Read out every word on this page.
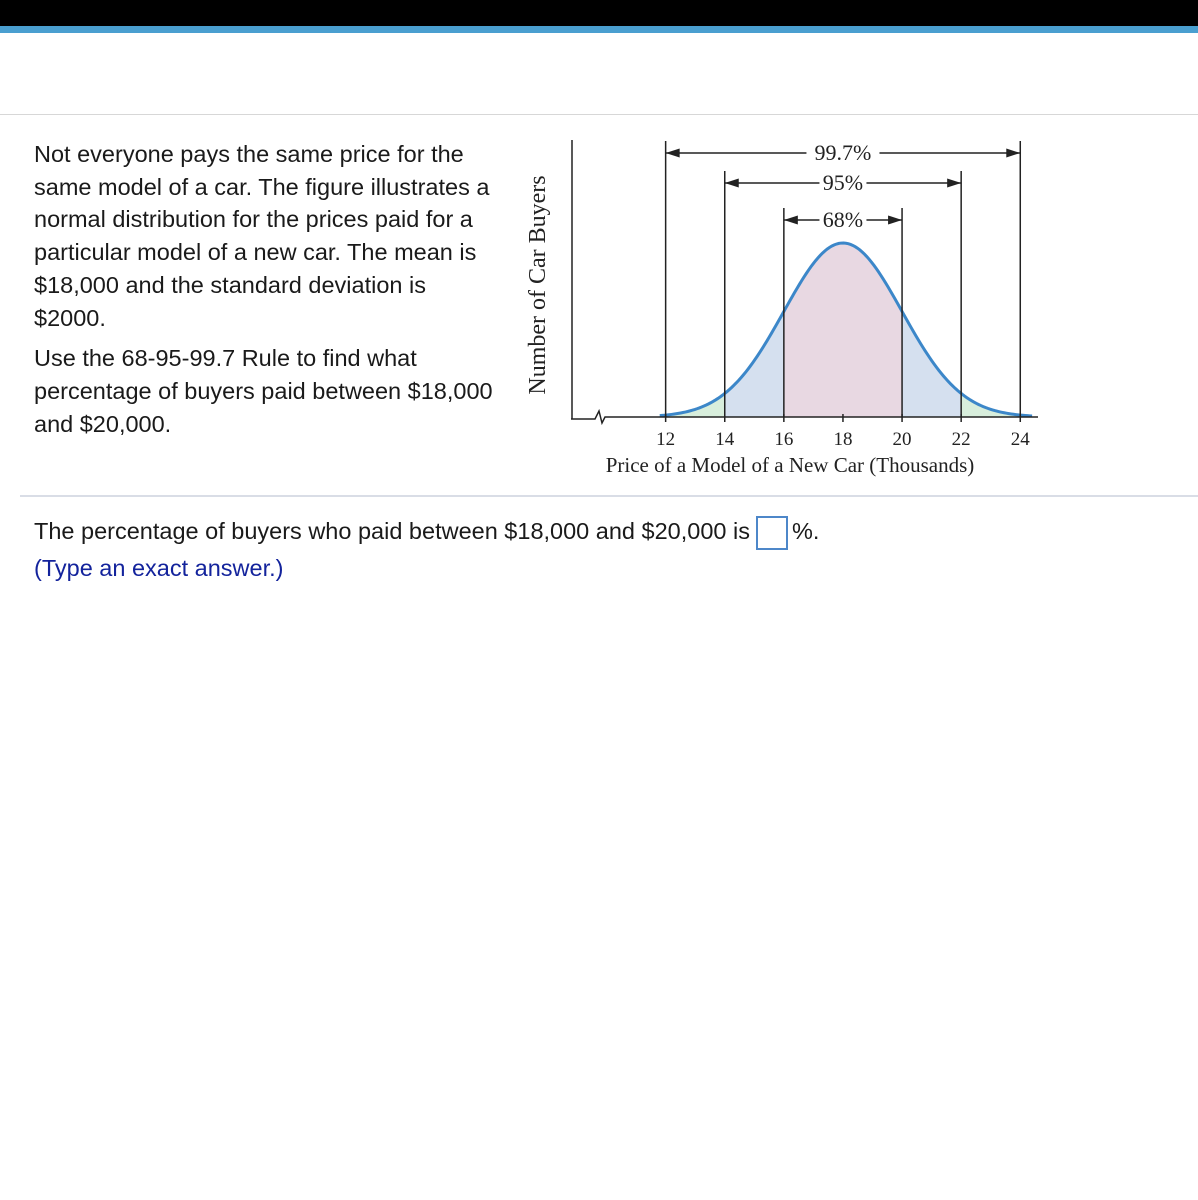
Not everyone pays the same price for the same model of a car. The figure illustrates a normal distribution for the prices paid for a particular model of a new car. The mean is $18,000 and the standard deviation is $2000.

Use the 68-95-99.7 Rule to find what percentage of buyers paid between $18,000 and $20,000.

12 14 16 18 20 22 24
99.7%
95%
68%
Price of a Model of a New Car (Thousands)
Number of Car Buyers
The percentage of buyers who paid between $18,000 and $20,000 is %.
(Type an exact answer.)
